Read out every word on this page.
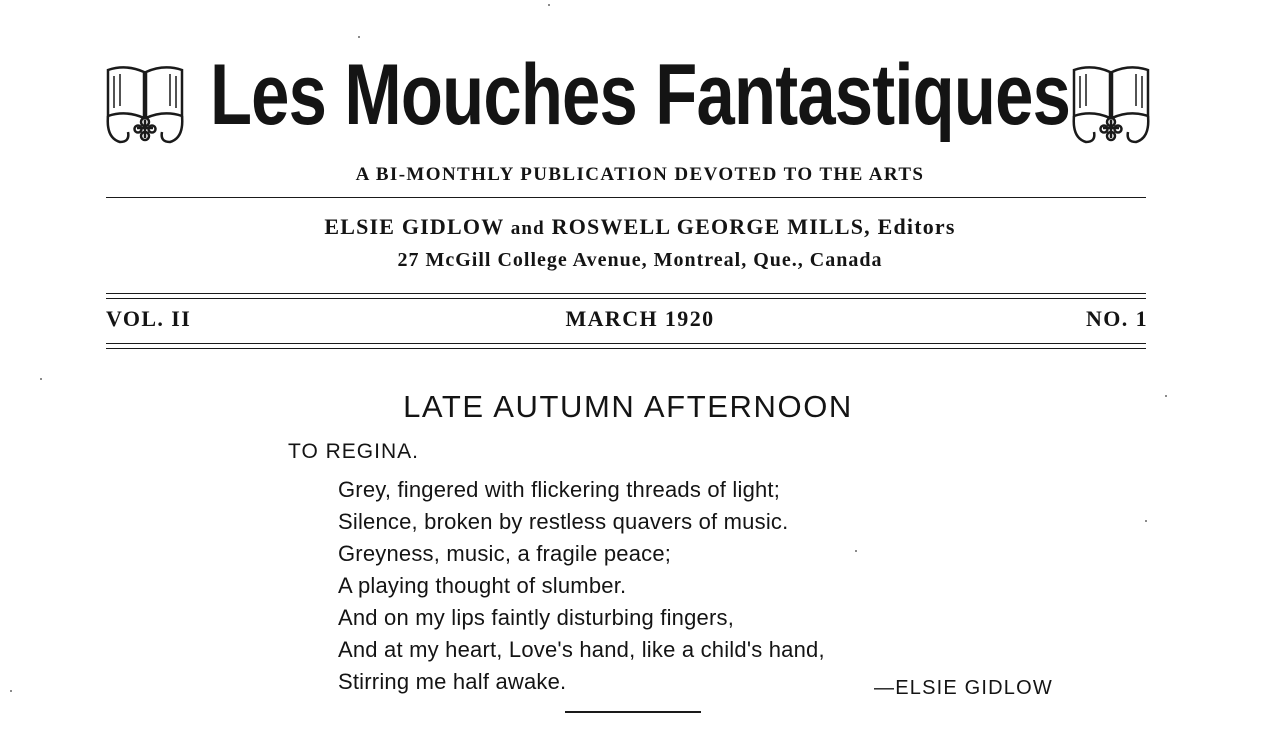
Les Mouches Fantastiques
A BI-MONTHLY PUBLICATION DEVOTED TO THE ARTS
ELSIE GIDLOW and ROSWELL GEORGE MILLS, Editors
27 McGill College Avenue, Montreal, Que., Canada
VOL. II	MARCH 1920	NO. 1
LATE AUTUMN AFTERNOON
TO REGINA.
Grey, fingered with flickering threads of light;
Silence, broken by restless quavers of music.
Greyness, music, a fragile peace;
A playing thought of slumber.
And on my lips faintly disturbing fingers,
And at my heart, Love's hand, like a child's hand,
Stirring me half awake.	—ELSIE GIDLOW
